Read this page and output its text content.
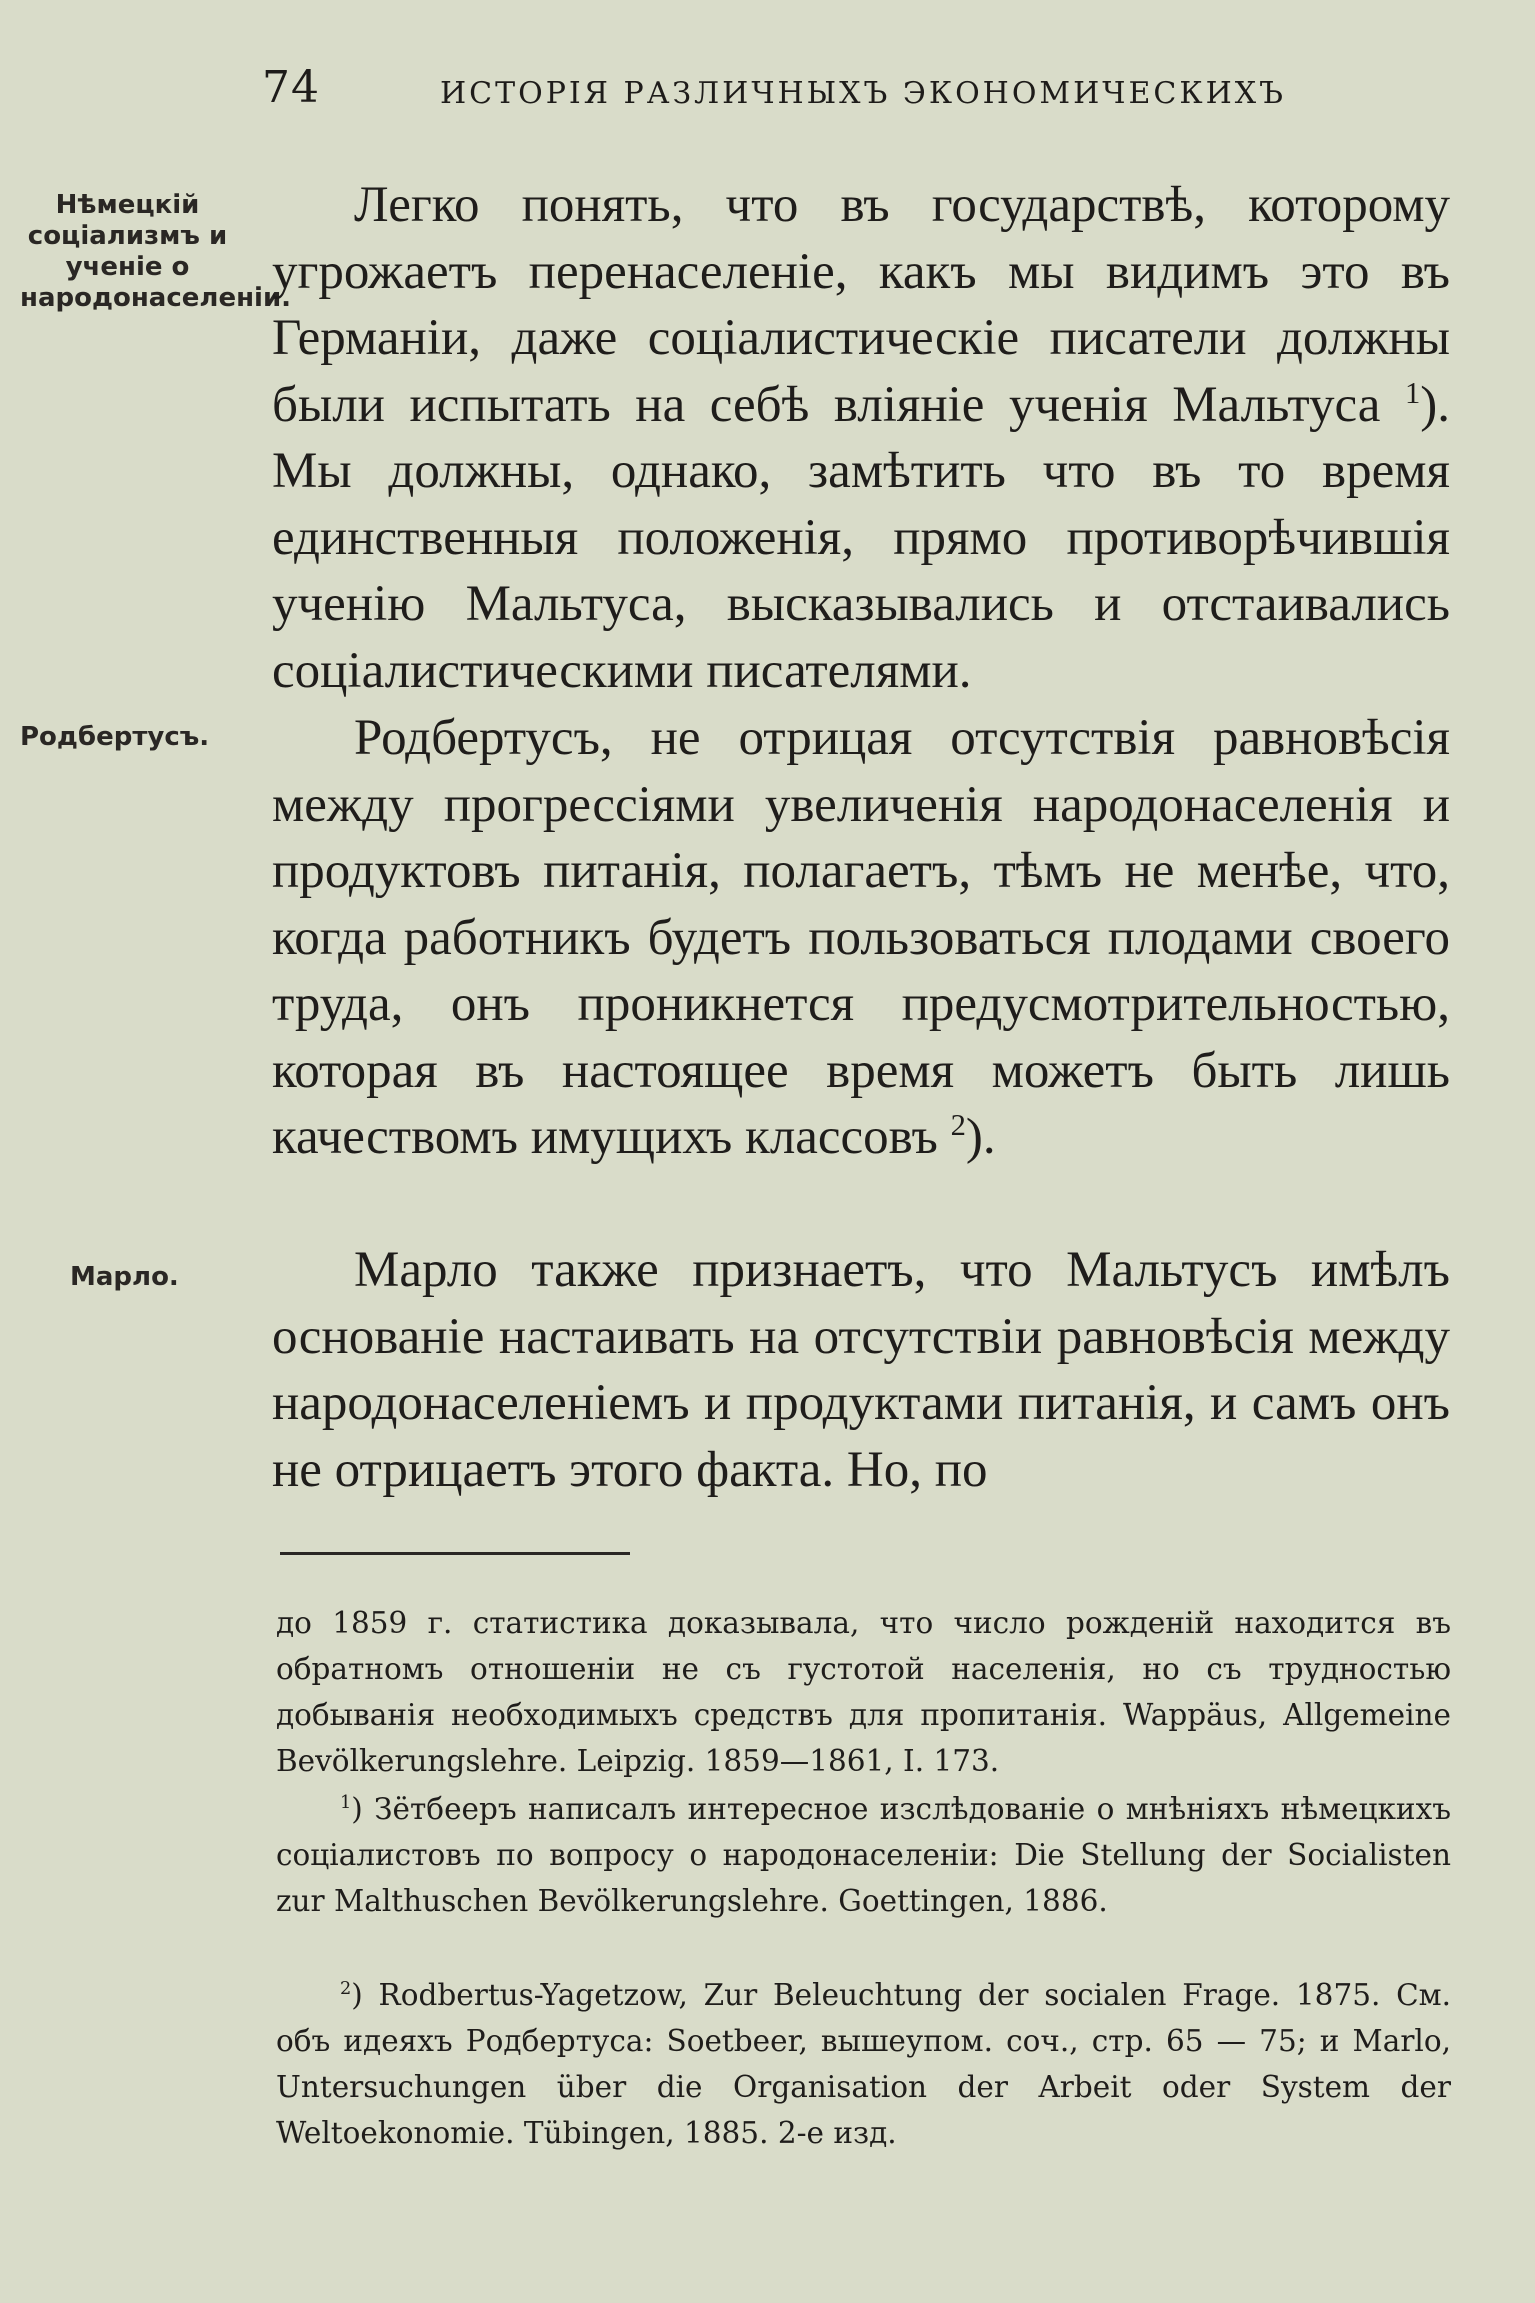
74	ИСТОРІЯ РАЗЛИЧНЫХЪ ЭКОНОМИЧЕСКИХЪ
Нѣмецкій соціализмъ и ученіе о народонаселеніи.
Родбертусъ.
Марло.

Легко понять, что въ государствѣ, которому угрожаетъ перенаселеніе, какъ мы видимъ это въ Германіи, даже соціалистическіе писатели должны были испытать на себѣ вліяніе ученія Мальтуса $^1$). Мы должны, однако, замѣтить что въ то время единственныя положенія, прямо противорѣчившія ученію Мальтуса, высказывались и отстаивались соціалистическими писателями.

Родбертусъ, не отрицая отсутствія равновѣсія между прогрессіями увеличенія народонаселенія и продуктовъ питанія, полагаетъ, тѣмъ не менѣе, что, когда работникъ будетъ пользоваться плодами своего труда, онъ проникнется предусмотрительностью, которая въ настоящее время можетъ быть лишь качествомъ имущихъ классовъ $^2$).

Марло также признаетъ, что Мальтусъ имѣлъ основаніе настаивать на отсутствіи равновѣсія между народонаселеніемъ и продуктами питанія, и самъ онъ не отрицаетъ этого факта. Но, по

до 1859 г. статистика доказывала, что число рожденій находится въ обратномъ отношеніи не съ густотой населенія, но съ трудностью добыванія необходимыхъ средствъ для пропитанія. Wappäus, Allgemeine Bevölkerungslehre. Leipzig. 1859—1861, I. 173.

$^1$) Зётбееръ написалъ интересное изслѣдованіе о мнѣніяхъ нѣмецкихъ соціалистовъ по вопросу о народонаселеніи: Die Stellung der Socialisten zur Malthuschen Bevölkerungslehre. Goettingen, 1886.

$^2$) Rodbertus-Yagetzow, Zur Beleuchtung der socialen Frage. 1875. См. объ идеяхъ Родбертуса: Soetbeer, вышеупом. соч., стр. 65 — 75; и Marlo, Untersuchungen über die Organisation der Arbeit oder System der Weltoekonomie. Tübingen, 1885. 2-е изд.
